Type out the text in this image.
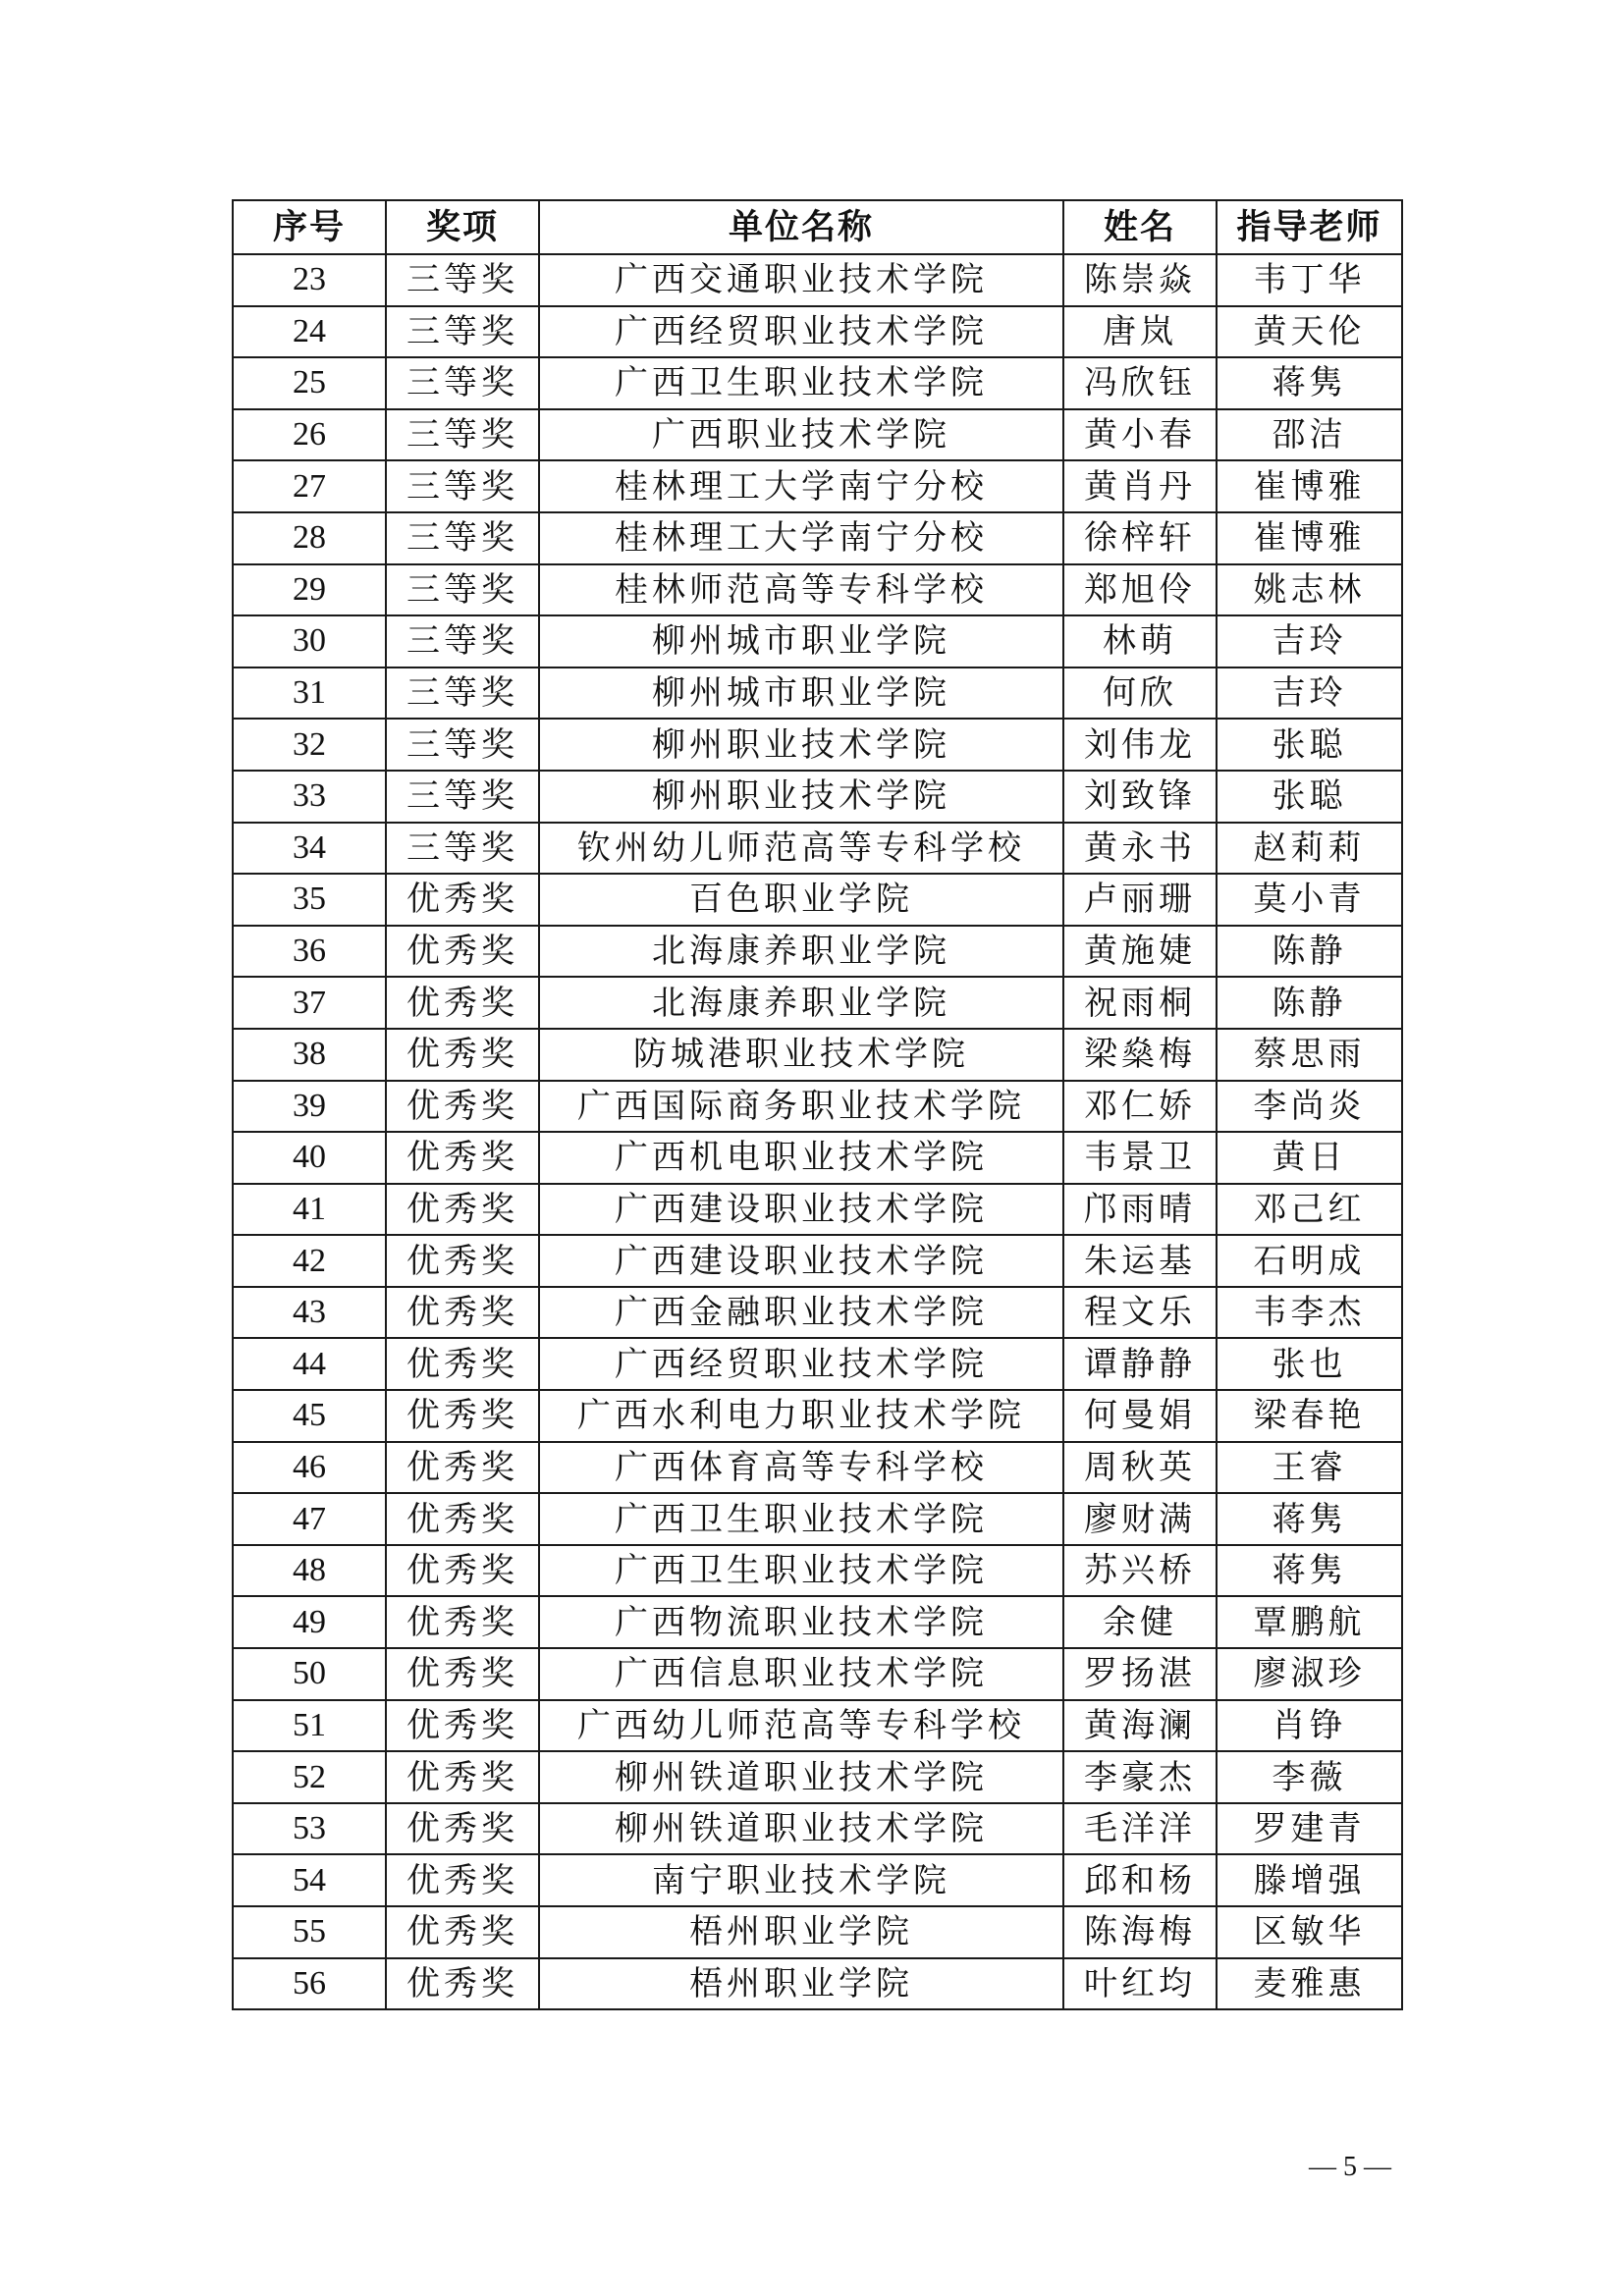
序号	奖项	单位名称	姓名	指导老师
23	三等奖	广西交通职业技术学院	陈崇焱	韦丁华
24	三等奖	广西经贸职业技术学院	唐岚	黄天伦
25	三等奖	广西卫生职业技术学院	冯欣钰	蒋隽
26	三等奖	广西职业技术学院	黄小春	邵洁
27	三等奖	桂林理工大学南宁分校	黄肖丹	崔博雅
28	三等奖	桂林理工大学南宁分校	徐梓轩	崔博雅
29	三等奖	桂林师范高等专科学校	郑旭伶	姚志林
30	三等奖	柳州城市职业学院	林萌	吉玲
31	三等奖	柳州城市职业学院	何欣	吉玲
32	三等奖	柳州职业技术学院	刘伟龙	张聪
33	三等奖	柳州职业技术学院	刘致锋	张聪
34	三等奖	钦州幼儿师范高等专科学校	黄永书	赵莉莉
35	优秀奖	百色职业学院	卢丽珊	莫小青
36	优秀奖	北海康养职业学院	黄施婕	陈静
37	优秀奖	北海康养职业学院	祝雨桐	陈静
38	优秀奖	防城港职业技术学院	梁燊梅	蔡思雨
39	优秀奖	广西国际商务职业技术学院	邓仁娇	李尚炎
40	优秀奖	广西机电职业技术学院	韦景卫	黄日
41	优秀奖	广西建设职业技术学院	邝雨晴	邓己红
42	优秀奖	广西建设职业技术学院	朱运基	石明成
43	优秀奖	广西金融职业技术学院	程文乐	韦李杰
44	优秀奖	广西经贸职业技术学院	谭静静	张也
45	优秀奖	广西水利电力职业技术学院	何曼娟	梁春艳
46	优秀奖	广西体育高等专科学校	周秋英	王睿
47	优秀奖	广西卫生职业技术学院	廖财满	蒋隽
48	优秀奖	广西卫生职业技术学院	苏兴桥	蒋隽
49	优秀奖	广西物流职业技术学院	余健	覃鹏航
50	优秀奖	广西信息职业技术学院	罗扬湛	廖淑珍
51	优秀奖	广西幼儿师范高等专科学校	黄海澜	肖铮
52	优秀奖	柳州铁道职业技术学院	李豪杰	李薇
53	优秀奖	柳州铁道职业技术学院	毛洋洋	罗建青
54	优秀奖	南宁职业技术学院	邱和杨	滕增强
55	优秀奖	梧州职业学院	陈海梅	区敏华
56	优秀奖	梧州职业学院	叶红均	麦雅惠
— 5 —
